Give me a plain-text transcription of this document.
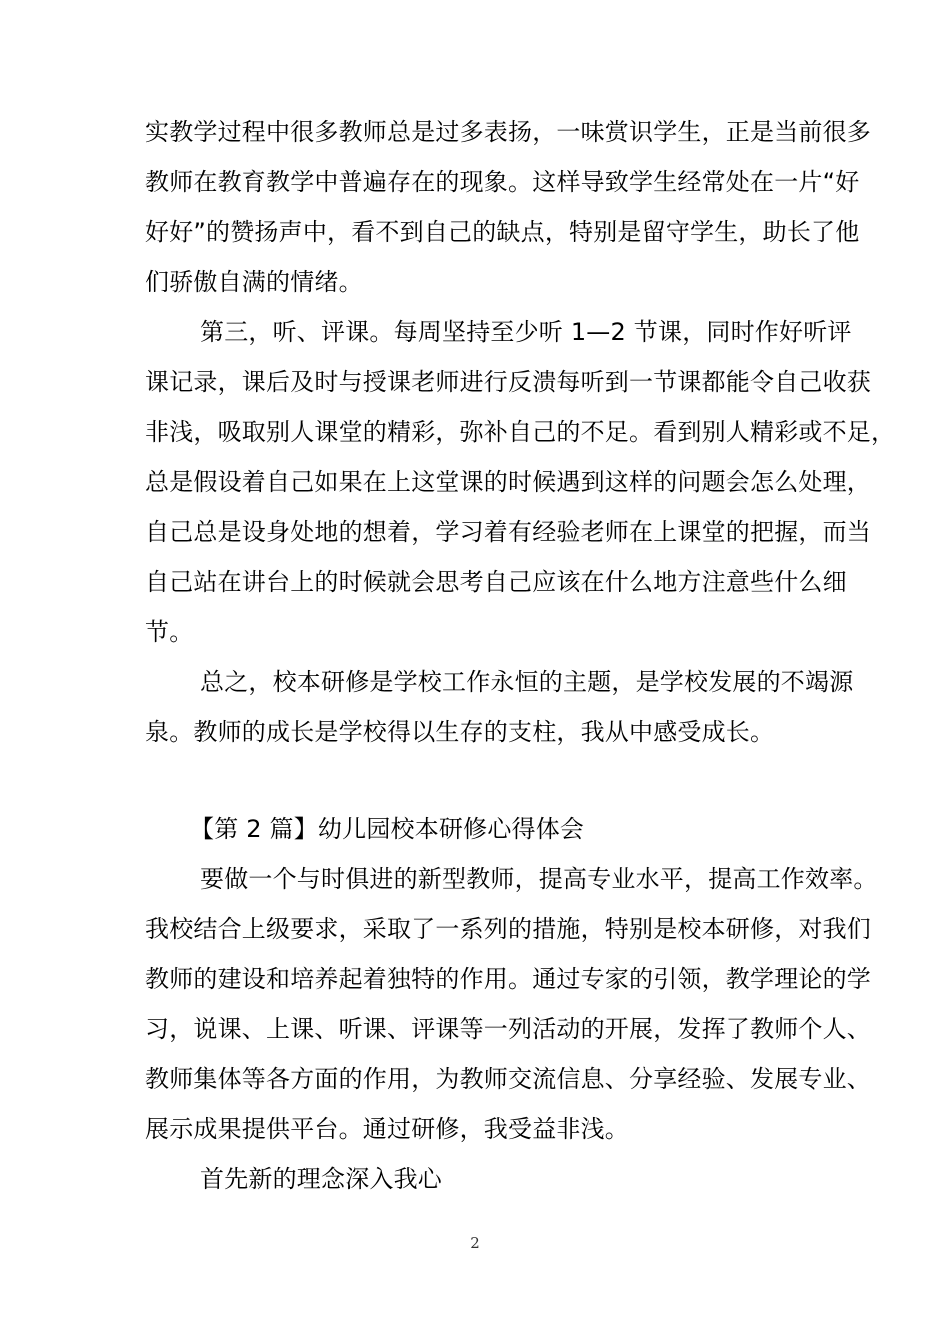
实教学过程中很多教师总是过多表扬，一味赏识学生，正是当前很多
教师在教育教学中普遍存在的现象。这样导致学生经常处在一片“好
好好”的赞扬声中，看不到自己的缺点，特别是留守学生，助长了他
们骄傲自满的情绪。
第三，听、评课。每周坚持至少听 1—2 节课，同时作好听评
课记录，课后及时与授课老师进行反溃每听到一节课都能令自己收获
非浅，吸取别人课堂的精彩，弥补自己的不足。看到别人精彩或不足，
总是假设着自己如果在上这堂课的时候遇到这样的问题会怎么处理，
自己总是设身处地的想着，学习着有经验老师在上课堂的把握，而当
自己站在讲台上的时候就会思考自己应该在什么地方注意些什么细
节。
总之，校本研修是学校工作永恒的主题，是学校发展的不竭源
泉。教师的成长是学校得以生存的支柱，我从中感受成长。
【第 2 篇】幼儿园校本研修心得体会
要做一个与时俱进的新型教师，提高专业水平，提高工作效率。
我校结合上级要求，采取了一系列的措施，特别是校本研修，对我们
教师的建设和培养起着独特的作用。通过专家的引领，教学理论的学
习，说课、上课、听课、评课等一列活动的开展，发挥了教师个人、
教师集体等各方面的作用，为教师交流信息、分享经验、发展专业、
展示成果提供平台。通过研修，我受益非浅。
首先新的理念深入我心
2
